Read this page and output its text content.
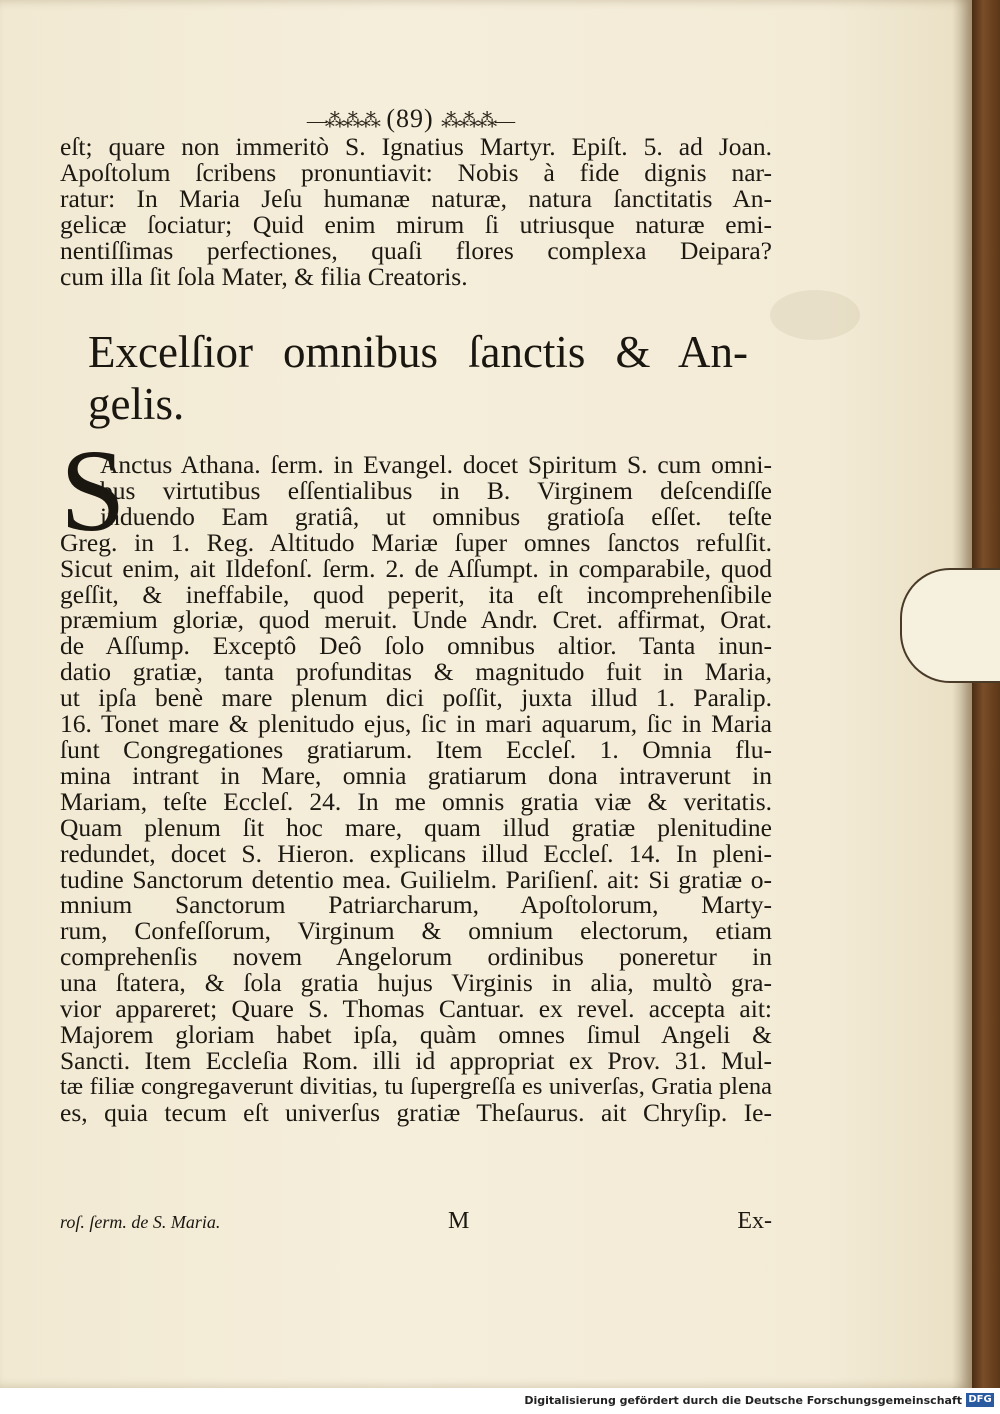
—⁂⁂⁂ (89) ⁂⁂⁂—
eſt; quare non immeritò S. Ignatius Martyr. Epiſt. 5. ad Joan.
Apoſtolum ſcribens pronuntiavit: Nobis à fide dignis nar-
ratur: In Maria Jeſu humanæ naturæ, natura ſanctitatis An-
gelicæ ſociatur; Quid enim mirum ſi utriusque naturæ emi-
nentiſſimas perfectiones, quaſi flores complexa Deipara?
cum illa ſit ſola Mater, & filia Creatoris.
Excelſior omnibus ſanctis & An-
gelis.
S
Anctus Athana. ſerm. in Evangel. docet Spiritum S. cum omni-
bus virtutibus eſſentialibus in B. Virginem deſcendiſſe
induendo Eam gratiâ, ut omnibus gratioſa eſſet. teſte
Greg. in 1. Reg. Altitudo Mariæ ſuper omnes ſanctos refulſit.
Sicut enim, ait Ildefonſ. ſerm. 2. de Aſſumpt. in comparabile, quod
geſſit, & ineffabile, quod peperit, ita eſt incomprehenſibile
præmium gloriæ, quod meruit. Unde Andr. Cret. affirmat, Orat.
de Aſſump. Exceptô Deô ſolo omnibus altior. Tanta inun-
datio gratiæ, tanta profunditas & magnitudo fuit in Maria,
ut ipſa benè mare plenum dici poſſit, juxta illud 1. Paralip.
16. Tonet mare & plenitudo ejus, ſic in mari aquarum, ſic in Maria
ſunt Congregationes gratiarum. Item Eccleſ. 1. Omnia flu-
mina intrant in Mare, omnia gratiarum dona intraverunt in
Mariam, teſte Eccleſ. 24. In me omnis gratia viæ & veritatis.
Quam plenum ſit hoc mare, quam illud gratiæ plenitudine
redundet, docet S. Hieron. explicans illud Eccleſ. 14. In pleni-
tudine Sanctorum detentio mea. Guilielm. Pariſienſ. ait: Si gratiæ o-
mnium Sanctorum Patriarcharum, Apoſtolorum, Marty-
rum, Confeſſorum, Virginum & omnium electorum, etiam
comprehenſis novem Angelorum ordinibus poneretur in
una ſtatera, & ſola gratia hujus Virginis in alia, multò gra-
vior appareret; Quare S. Thomas Cantuar. ex revel. accepta ait:
Majorem gloriam habet ipſa, quàm omnes ſimul Angeli &
Sancti. Item Eccleſia Rom. illi id appropriat ex Prov. 31. Mul-
tæ filiæ congregaverunt divitias, tu ſupergreſſa es univerſas, Gratia plena
es, quia tecum eſt univerſus gratiæ Theſaurus. ait Chryſip. Ie-
roſ. ſerm. de S. Maria.	M	Ex-
Digitalisierung gefördert durch die Deutsche Forschungsgemeinschaft DFG
